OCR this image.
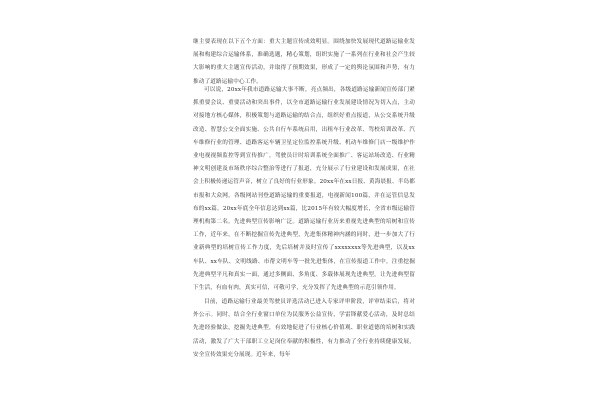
继主要表现在以下五个方面：重大主题宣传成效明显。围绕加快发展现代道路运输业发展和构建综合运输体系，准确选题，精心策划，组织实施了一系列在行业和社会产生较大影响的重大主题宣传活动，并取得了预期效果，形成了一定的舆论氛围和声势，有力推动了道路运输中心工作。

可以说，20xx年我市道路运输大事不断，亮点频出，各级道路运输新闻宣传部门紧抓重要会议、重要活动和突出事件，以全市道路运输行业发展建设情况为切入点，主动对接地方核心媒体，积极策划与道路运输的结合点，组织好重点报道，从公交系统升级改造、智慧公交全面实施、公共自行车系统启用，出租车行业改革、驾校培训改革、汽车维修行业的管理、道路客运车辆卫星定位监控系统升级、机动车维修门店一级维护作业电视视频监控等到宣传推广，驾驶员计时培训系统全面推广、客运站场改造、行业精神文明创建及市场秩序综合整治等进行了报道，充分展示了行业建设和发展成果，在社会上积极传递运管声音，树立了良好的行业形象。20xx年在xx日报、黄海晨报、半岛都市报和大众网，各级网站刊登道路运输的重要报道，电视新闻100篇，并在运管信息发布的xx篇。20xx年底全年信息达到xx篇，比2015年有较大幅度增长，全省市级运输管理机构第二名。先进典型宣传影响广泛。道路运输行业历来重视先进典型的培树和宣传工作，近年来，在不断挖掘宣传先进典型，先进集体精神内涵的同时，进一步加大了行业新典型的培树宣传工作力度，先后培树并及时宣传了xxxxxxxx等先进典型，以及xx车队、xx车队、文明线路、市帮文明车等一批先进集体，在宣传报道工作中，注重挖掘先进典型平凡和真实一面，通过多侧面、多角度、多载体展现先进典型，让先进典型留下生活，有血有肉，真实可信，可敬可学，充分发挥了先进典型的示范引领作用。

目前，道路运输行业最美驾驶员评选活动已进入专家评审阶段，评审结束后，将对外公示。同时，结合全行业窗口单位为民服务公益宣传，学雷锋献爱心活动，及时总结先进经验做法，挖掘先进典型，有效地促进了行业核心价值观、职业道德的培树和实践活动，激发了广大干部职工立足岗位奉献的积极性，有力推动了全行业持续健康发展，安全宣传效果充分展现。近年来，每年
